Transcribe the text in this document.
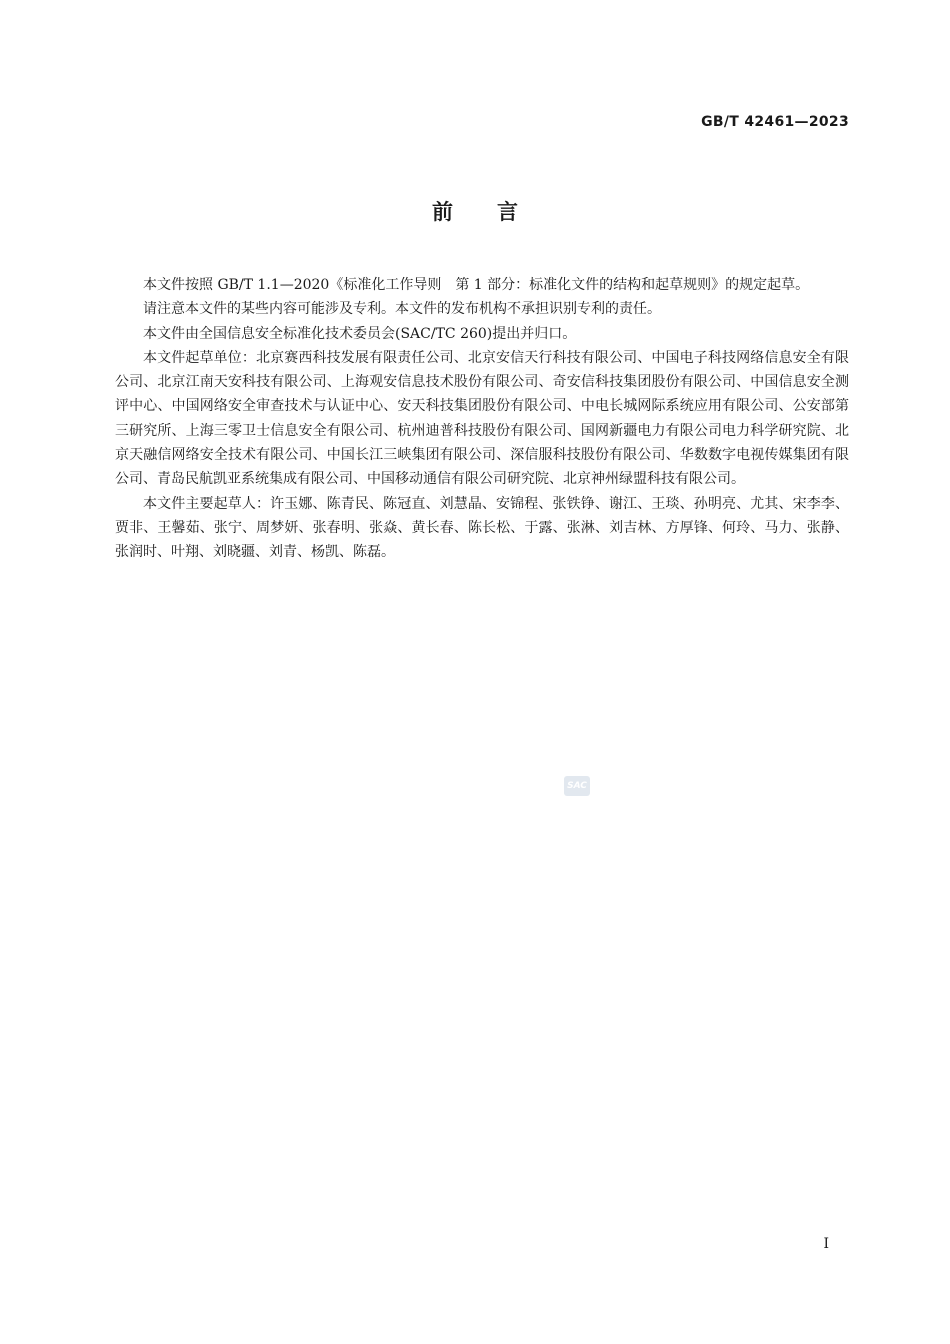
GB/T 42461—2023
前言

本文件按照 GB/T 1.1—2020《标准化工作导则　第 1 部分：标准化文件的结构和起草规则》的规定起草。

请注意本文件的某些内容可能涉及专利。本文件的发布机构不承担识别专利的责任。

本文件由全国信息安全标准化技术委员会(SAC/TC 260)提出并归口。

本文件起草单位：北京赛西科技发展有限责任公司、北京安信天行科技有限公司、中国电子科技网络信息安全有限公司、北京江南天安科技有限公司、上海观安信息技术股份有限公司、奇安信科技集团股份有限公司、中国信息安全测评中心、中国网络安全审查技术与认证中心、安天科技集团股份有限公司、中电长城网际系统应用有限公司、公安部第三研究所、上海三零卫士信息安全有限公司、杭州迪普科技股份有限公司、国网新疆电力有限公司电力科学研究院、北京天融信网络安全技术有限公司、中国长江三峡集团有限公司、深信服科技股份有限公司、华数数字电视传媒集团有限公司、青岛民航凯亚系统集成有限公司、中国移动通信有限公司研究院、北京神州绿盟科技有限公司。

本文件主要起草人：许玉娜、陈青民、陈冠直、刘慧晶、安锦程、张铁铮、谢江、王琰、孙明亮、尤其、宋李李、贾非、王馨茹、张宁、周梦妍、张春明、张焱、黄长春、陈长松、于露、张淋、刘吉林、方厚锋、何玲、马力、张静、张润时、叶翔、刘晓疆、刘青、杨凯、陈磊。

SAC
I
